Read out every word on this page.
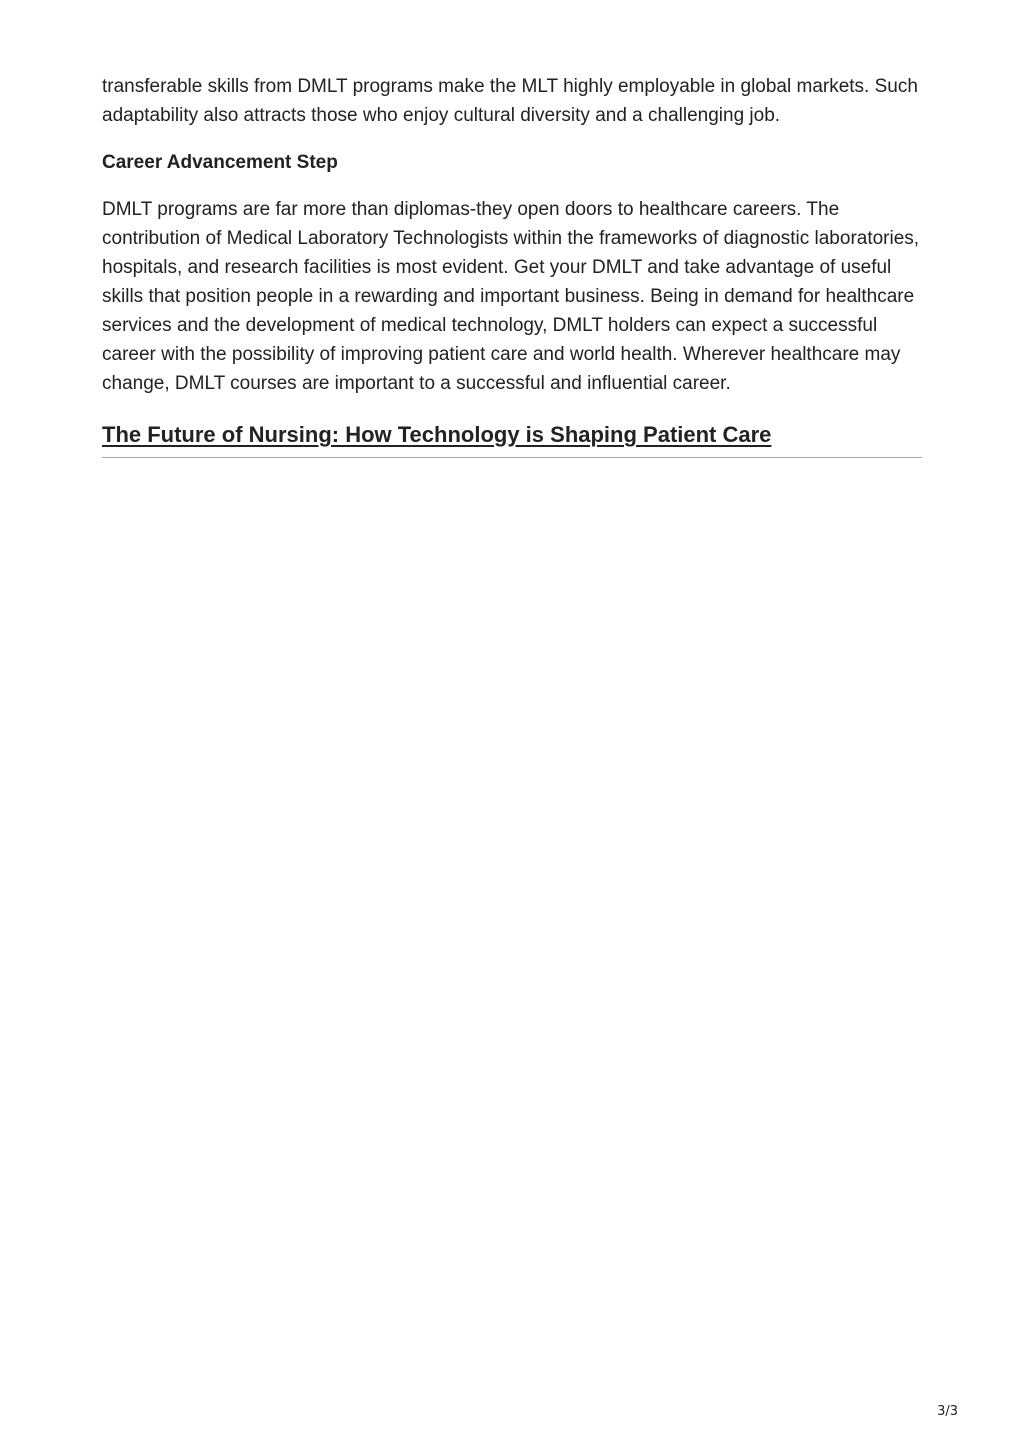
transferable skills from DMLT programs make the MLT highly employable in global markets. Such adaptability also attracts those who enjoy cultural diversity and a challenging job.

Career Advancement Step

DMLT programs are far more than diplomas-they open doors to healthcare careers. The contribution of Medical Laboratory Technologists within the frameworks of diagnostic laboratories, hospitals, and research facilities is most evident. Get your DMLT and take advantage of useful skills that position people in a rewarding and important business. Being in demand for healthcare services and the development of medical technology, DMLT holders can expect a successful career with the possibility of improving patient care and world health. Wherever healthcare may change, DMLT courses are important to a successful and influential career.

The Future of Nursing: How Technology is Shaping Patient Care
3/3
